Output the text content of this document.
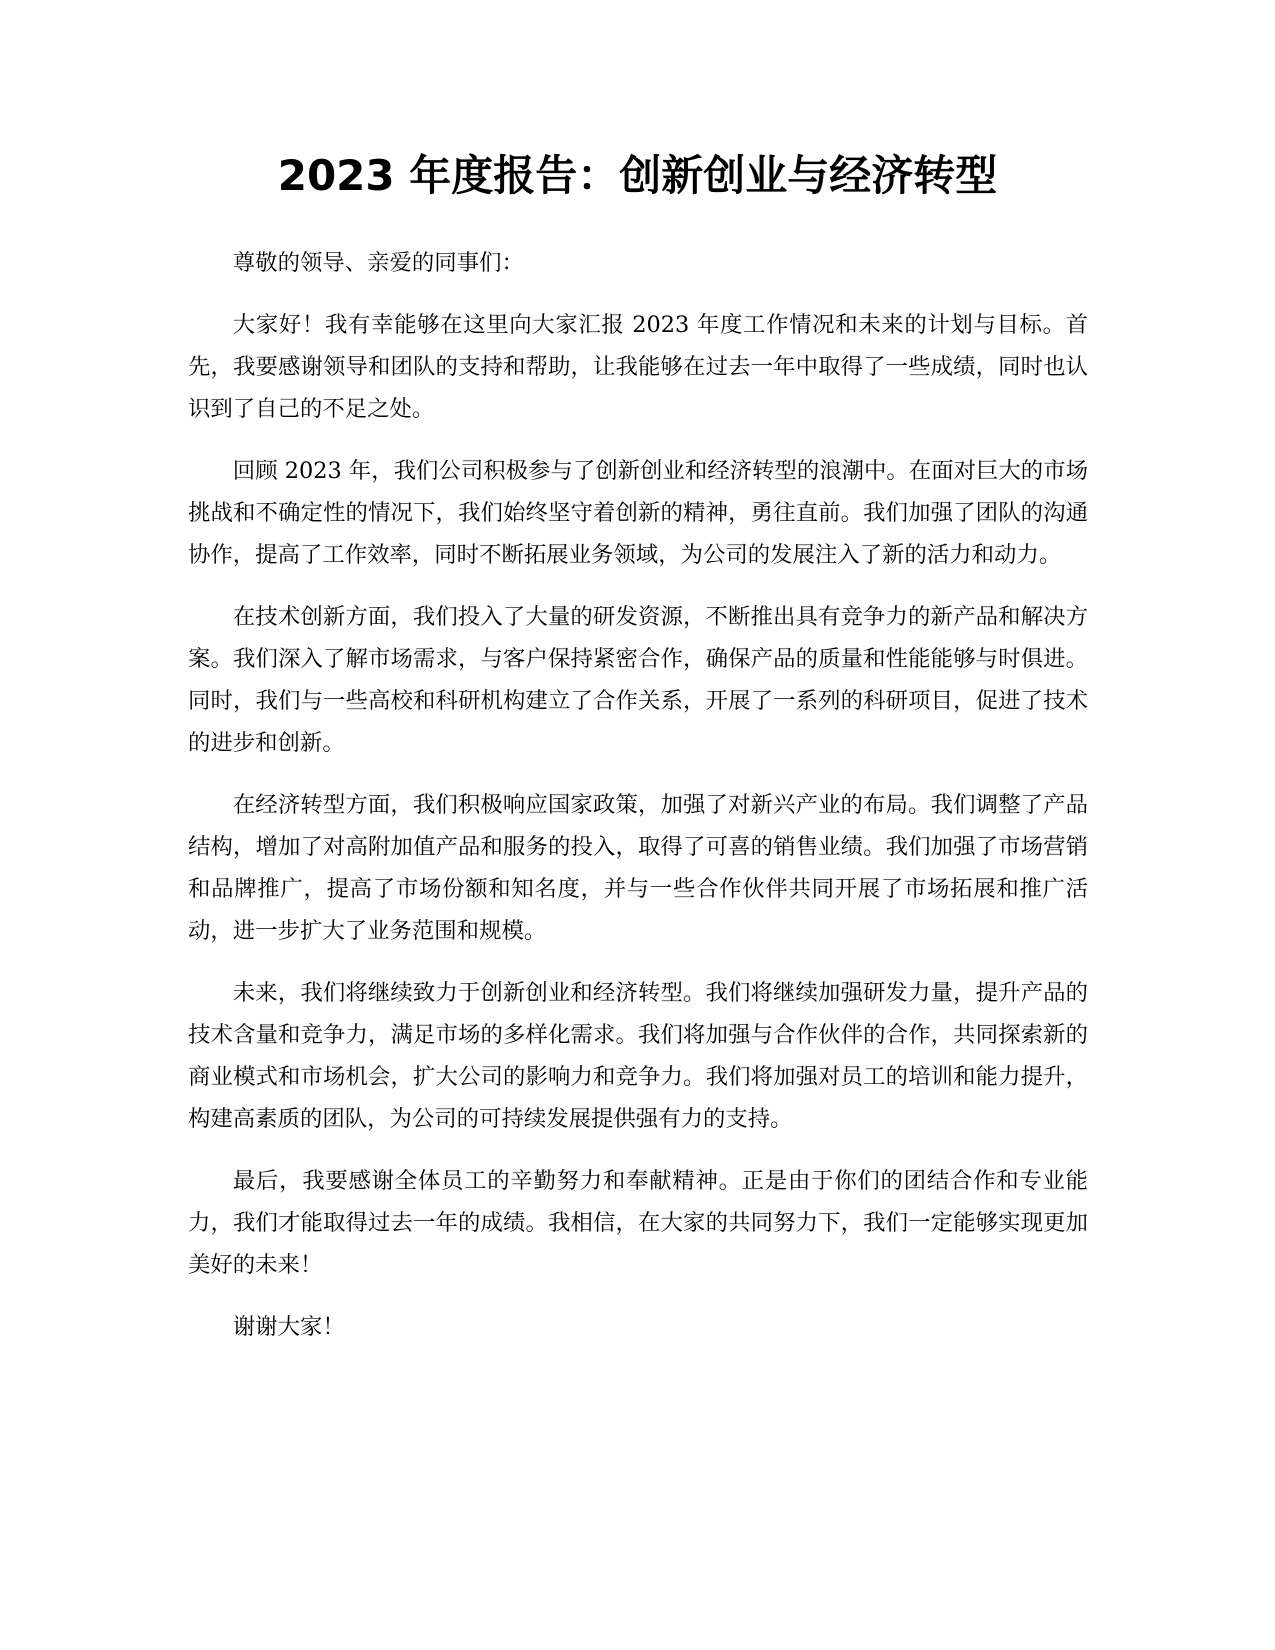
2023 年度报告：创新创业与经济转型

尊敬的领导、亲爱的同事们：

大家好！我有幸能够在这里向大家汇报 2023 年度工作情况和未来的计划与目标。首先，我要感谢领导和团队的支持和帮助，让我能够在过去一年中取得了一些成绩，同时也认识到了自己的不足之处。

回顾 2023 年，我们公司积极参与了创新创业和经济转型的浪潮中。在面对巨大的市场挑战和不确定性的情况下，我们始终坚守着创新的精神，勇往直前。我们加强了团队的沟通协作，提高了工作效率，同时不断拓展业务领域，为公司的发展注入了新的活力和动力。

在技术创新方面，我们投入了大量的研发资源，不断推出具有竞争力的新产品和解决方案。我们深入了解市场需求，与客户保持紧密合作，确保产品的质量和性能能够与时俱进。同时，我们与一些高校和科研机构建立了合作关系，开展了一系列的科研项目，促进了技术的进步和创新。

在经济转型方面，我们积极响应国家政策，加强了对新兴产业的布局。我们调整了产品结构，增加了对高附加值产品和服务的投入，取得了可喜的销售业绩。我们加强了市场营销和品牌推广，提高了市场份额和知名度，并与一些合作伙伴共同开展了市场拓展和推广活动，进一步扩大了业务范围和规模。

未来，我们将继续致力于创新创业和经济转型。我们将继续加强研发力量，提升产品的技术含量和竞争力，满足市场的多样化需求。我们将加强与合作伙伴的合作，共同探索新的商业模式和市场机会，扩大公司的影响力和竞争力。我们将加强对员工的培训和能力提升，构建高素质的团队，为公司的可持续发展提供强有力的支持。

最后，我要感谢全体员工的辛勤努力和奉献精神。正是由于你们的团结合作和专业能力，我们才能取得过去一年的成绩。我相信，在大家的共同努力下，我们一定能够实现更加美好的未来！

谢谢大家！
